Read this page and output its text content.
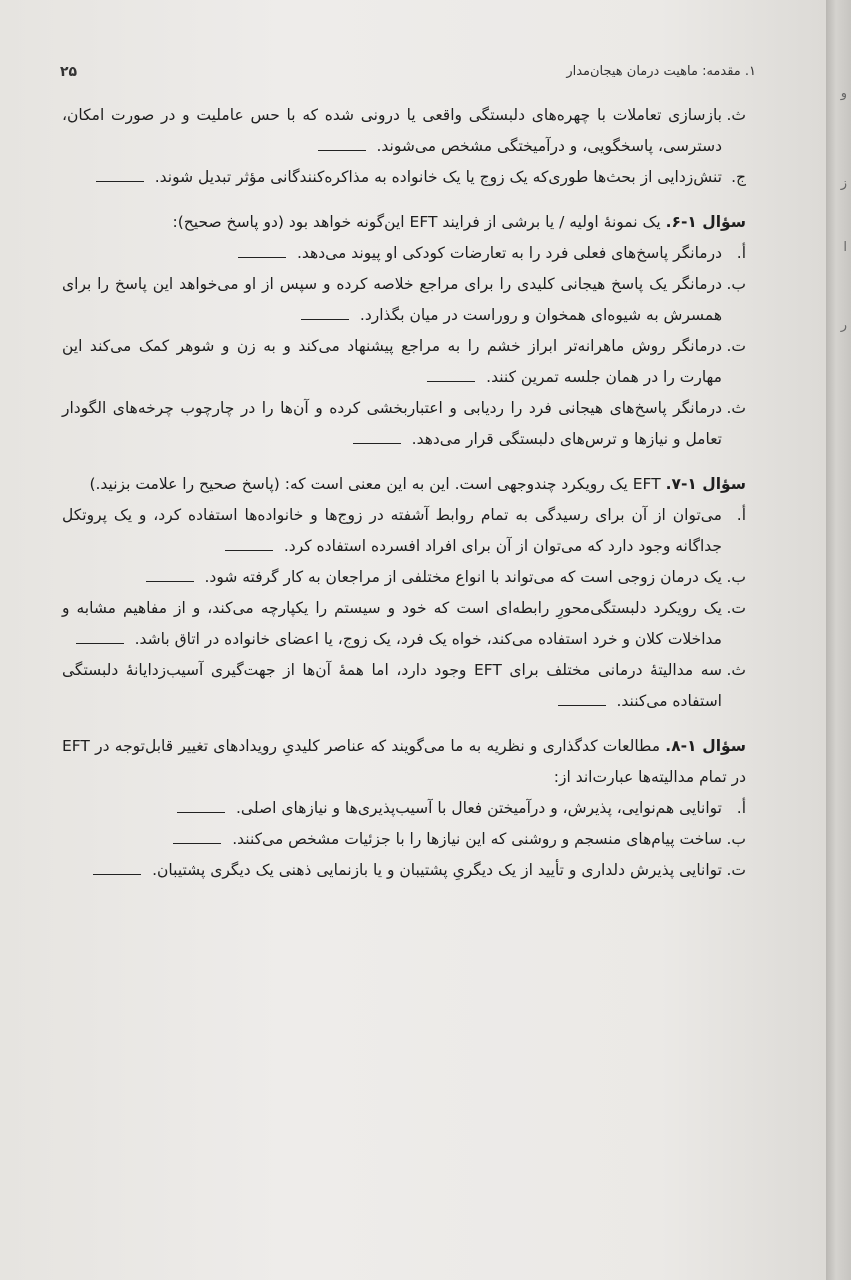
۱. مقدمه: ماهیت درمان هیجان‌مدار
۲۵

ث.
بازسازی تعاملات با چهره‌های دلبستگی واقعی یا درونی شده که با حس عاملیت و در صورت امکان، دسترسی، پاسخگویی، و درآمیختگی مشخص می‌شوند.

ج.
تنش‌زدایی از بحث‌ها طوری‌که یک زوج یا یک خانواده به مذاکره‌کنندگانی مؤثر تبدیل شوند.

سؤال ۱-۶. یک نمونهٔ اولیه / یا برشی از فرایند EFT این‌گونه خواهد بود (دو پاسخ صحیح):

أ.
درمانگر پاسخ‌های فعلی فرد را به تعارضات کودکی او پیوند می‌دهد.

ب.
درمانگر یک پاسخ هیجانی کلیدی را برای مراجع خلاصه کرده و سپس از او می‌خواهد این پاسخ را برای همسرش به شیوه‌ای همخوان و روراست در میان بگذارد.

ت.
درمانگر روش ماهرانه‌تر ابراز خشم را به مراجع پیشنهاد می‌کند و به زن و شوهر کمک می‌کند این مهارت را در همان جلسه تمرین کنند.

ث.
درمانگر پاسخ‌های هیجانی فرد را ردیابی و اعتباربخشی کرده و آن‌ها را در چارچوب چرخه‌های الگودار تعامل و نیازها و ترس‌های دلبستگی قرار می‌دهد.

سؤال ۱-۷. EFT یک رویکرد چندوجهی است. این به این معنی است که: (پاسخ صحیح را علامت بزنید.)

أ.
می‌توان از آن برای رسیدگی به تمام روابط آشفته در زوج‌ها و خانواده‌ها استفاده کرد، و یک پروتکل جداگانه وجود دارد که می‌توان از آن برای افراد افسرده استفاده کرد.

ب.
یک درمان زوجی است که می‌تواند با انواع مختلفی از مراجعان به کار گرفته شود.

ت.
یک رویکرد دلبستگی‌محورِ رابطه‌ای است که خود و سیستم را یکپارچه می‌کند، و از مفاهیم مشابه و مداخلات کلان و خرد استفاده می‌کند، خواه یک فرد، یک زوج، یا اعضای خانواده در اتاق باشد.

ث.
سه مدالیتهٔ درمانی مختلف برای EFT وجود دارد، اما همهٔ آن‌ها از جهت‌گیری آسیب‌زدایانهٔ دلبستگی استفاده می‌کنند.

سؤال ۱-۸. مطالعات کدگذاری و نظریه به ما می‌گویند که عناصر کلیدیِ رویدادهای تغییر قابل‌توجه در EFT در تمام مدالیته‌ها عبارت‌اند از:

أ.
توانایی هم‌نوایی، پذیرش، و درآمیختن فعال با آسیب‌پذیری‌ها و نیازهای اصلی.

ب.
ساخت پیام‌های منسجم و روشنی که این نیازها را با جزئیات مشخص می‌کنند.

ت.
توانایی پذیرش دلداری و تأیید از یک دیگریِ پشتیبان و یا بازنمایی ذهنی یک دیگری پشتیبان.

و
ز
ا
ر
